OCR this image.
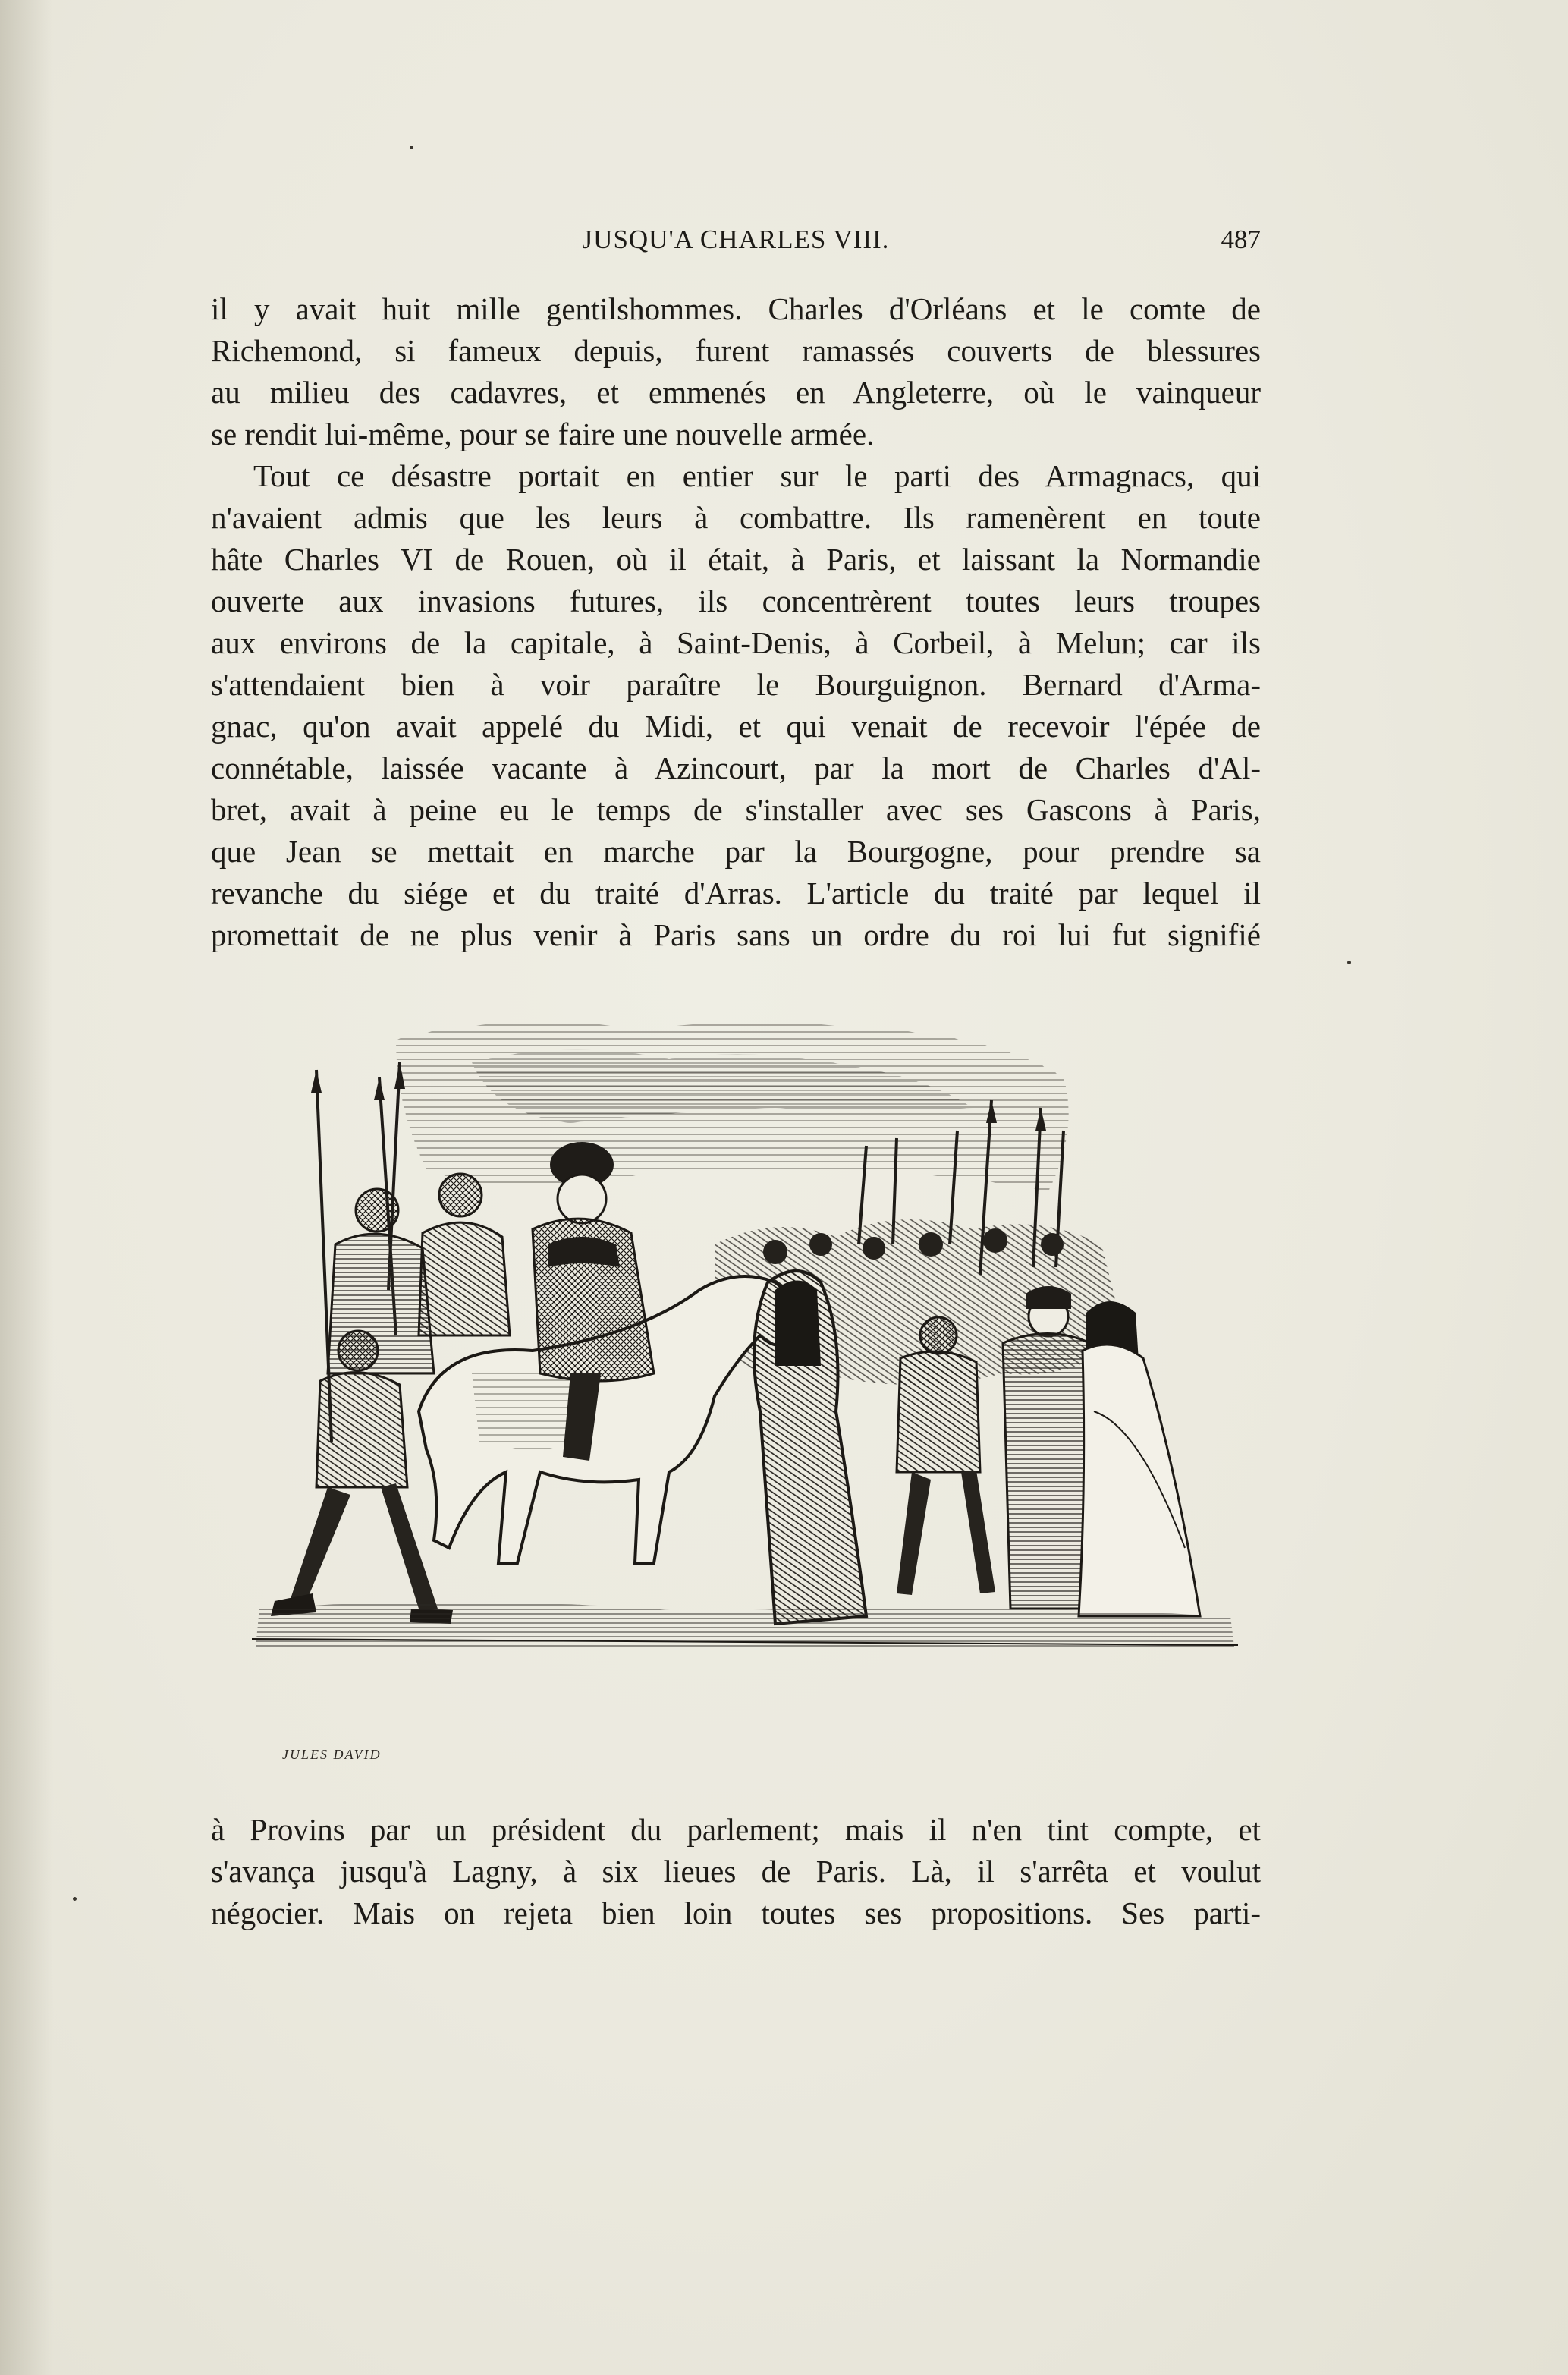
JUSQU'A CHARLES VIII.	487
il y avait huit mille gentilshommes. Charles d'Orléans et le comte de
Richemond, si fameux depuis, furent ramassés couverts de blessures
au milieu des cadavres, et emmenés en Angleterre, où le vainqueur
se rendit lui-même, pour se faire une nouvelle armée.
Tout ce désastre portait en entier sur le parti des Armagnacs, qui
n'avaient admis que les leurs à combattre. Ils ramenèrent en toute
hâte Charles VI de Rouen, où il était, à Paris, et laissant la Normandie
ouverte aux invasions futures, ils concentrèrent toutes leurs troupes
aux environs de la capitale, à Saint-Denis, à Corbeil, à Melun; car ils
s'attendaient bien à voir paraître le Bourguignon. Bernard d'Arma-
gnac, qu'on avait appelé du Midi, et qui venait de recevoir l'épée de
connétable, laissée vacante à Azincourt, par la mort de Charles d'Al-
bret, avait à peine eu le temps de s'installer avec ses Gascons à Paris,
que Jean se mettait en marche par la Bourgogne, pour prendre sa
revanche du siége et du traité d'Arras. L'article du traité par lequel il
promettait de ne plus venir à Paris sans un ordre du roi lui fut signifié
JULES DAVID
à Provins par un président du parlement; mais il n'en tint compte, et
s'avança jusqu'à Lagny, à six lieues de Paris. Là, il s'arrêta et voulut
négocier. Mais on rejeta bien loin toutes ses propositions. Ses parti-
